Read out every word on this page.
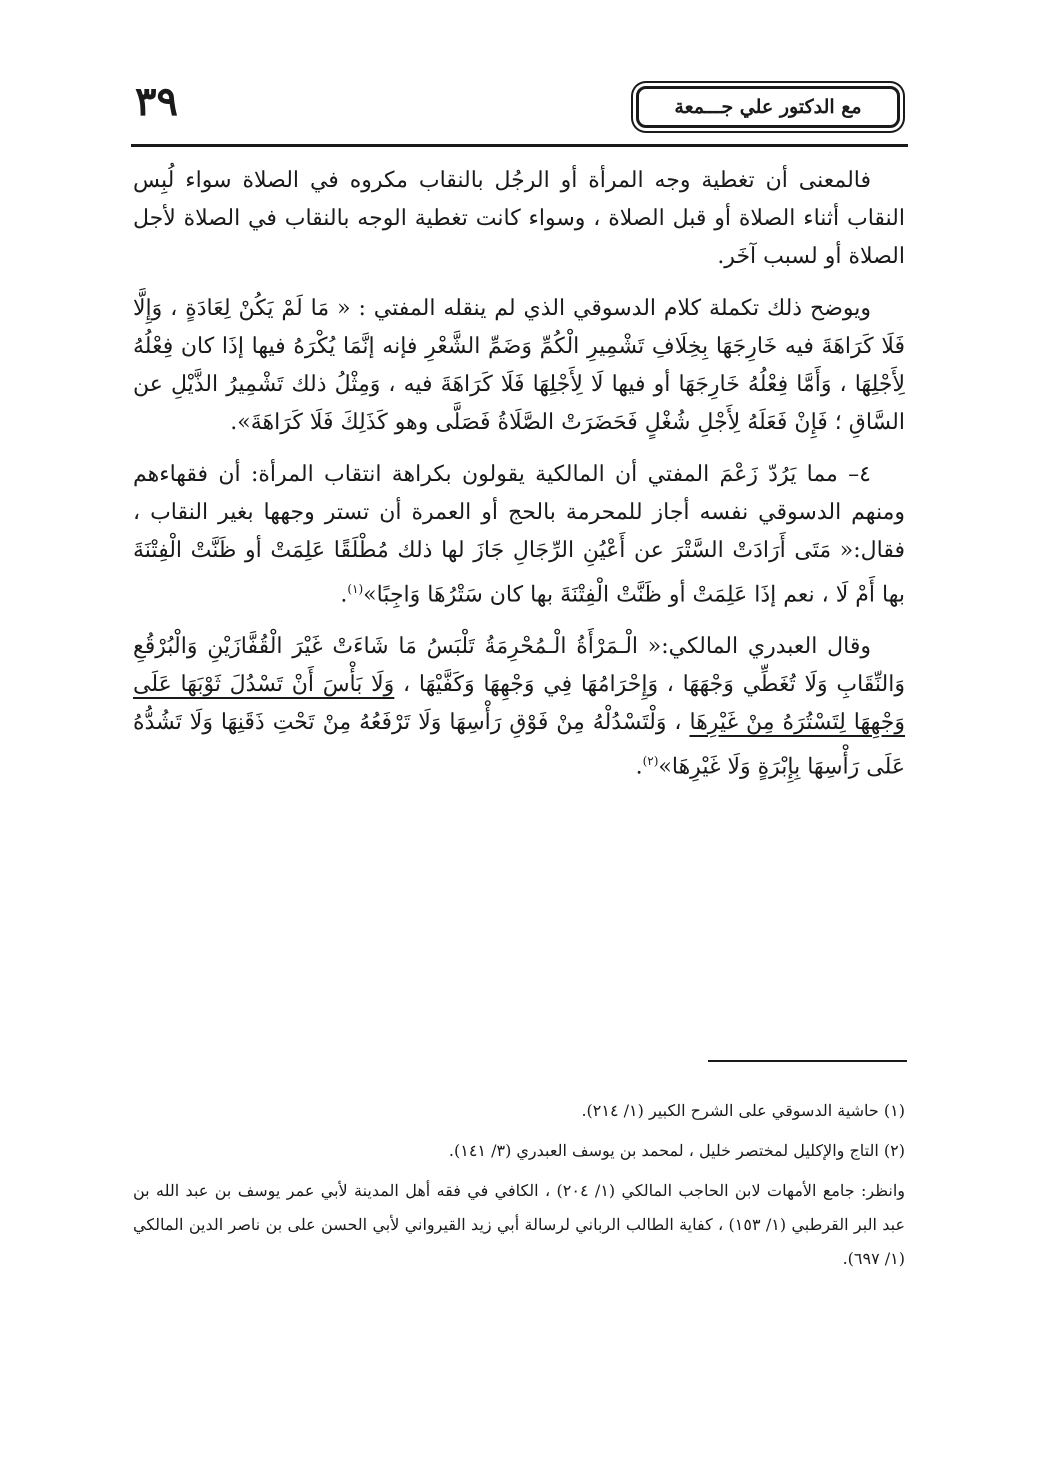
٣٩	مع الدكتور علي جـــمعة

فالمعنى أن تغطية وجه المرأة أو الرجُل بالنقاب مكروه في الصلاة سواء لُبِس النقاب أثناء الصلاة أو قبل الصلاة ، وسواء كانت تغطية الوجه بالنقاب في الصلاة لأجل الصلاة أو لسبب آخَر.

ويوضح ذلك تكملة كلام الدسوقي الذي لم ينقله المفتي : « مَا لَمْ يَكُنْ لِعَادَةٍ ، وَإِلَّا فَلَا كَرَاهَةَ فيه خَارِجَهَا بِخِلَافِ تَشْمِيرِ الْكُمِّ وَضَمِّ الشَّعْرِ فإنه إنَّمَا يُكْرَهُ فيها إذَا كان فِعْلُهُ لِأَجْلِهَا ، وَأَمَّا فِعْلُهُ خَارِجَهَا أو فيها لَا لِأَجْلِهَا فَلَا كَرَاهَةَ فيه ، وَمِثْلُ ذلك تَشْمِيرُ الذَّيْلِ عن السَّاقِ ؛ فَإِنْ فَعَلَهُ لِأَجْلِ شُغْلٍ فَحَضَرَتْ الصَّلَاةُ فَصَلَّى وهو كَذَلِكَ فَلَا كَرَاهَةَ».

٤– مما يَرُدّ زَعْمَ المفتي أن المالكية يقولون بكراهة انتقاب المرأة: أن فقهاءهم ومنهم الدسوقي نفسه أجاز للمحرمة بالحج أو العمرة أن تستر وجهها بغير النقاب ، فقال:« مَتَى أَرَادَتْ السَّتْرَ عن أَعْيُنِ الرِّجَالِ جَازَ لها ذلك مُطْلَقًا عَلِمَتْ أو ظَنَّتْ الْفِتْنَةَ بها أَمْ لَا ، نعم إذَا عَلِمَتْ أو ظَنَّتْ الْفِتْنَةَ بها كان سَتْرُهَا وَاجِبًا»$^{(١)}$.

وقال العبدري المالكي:« الْـمَرْأَةُ الْـمُحْرِمَةُ تَلْبَسُ مَا شَاءَتْ غَيْرَ الْقُفَّازَيْنِ وَالْبُرْقُعِ وَالنِّقَابِ وَلَا تُغَطِّي وَجْهَهَا ، وَإِحْرَامُهَا فِي وَجْهِهَا وَكَفَّيْهَا ، وَلَا بَأْسَ أَنْ تَسْدُلَ ثَوْبَهَا عَلَى وَجْهِهَا لِتَسْتُرَهُ مِنْ غَيْرِهَا ، وَلْتَسْدُلْهُ مِنْ فَوْقِ رَأْسِهَا وَلَا تَرْفَعُهُ مِنْ تَحْتِ ذَقَنِهَا وَلَا تَشُدُّهُ عَلَى رَأْسِهَا بِإِبْرَةٍ وَلَا غَيْرِهَا»$^{(٢)}$.

(١) حاشية الدسوقي على الشرح الكبير (١/ ٢١٤).

(٢) التاج والإكليل لمختصر خليل ، لمحمد بن يوسف العبدري (٣/ ١٤١).

وانظر: جامع الأمهات لابن الحاجب المالكي (١/ ٢٠٤) ، الكافي في فقه أهل المدينة لأبي عمر يوسف بن عبد الله بن عبد البر القرطبي (١/ ١٥٣) ، كفاية الطالب الرباني لرسالة أبي زيد القيرواني لأبي الحسن على بن ناصر الدين المالكي (١/ ٦٩٧).
